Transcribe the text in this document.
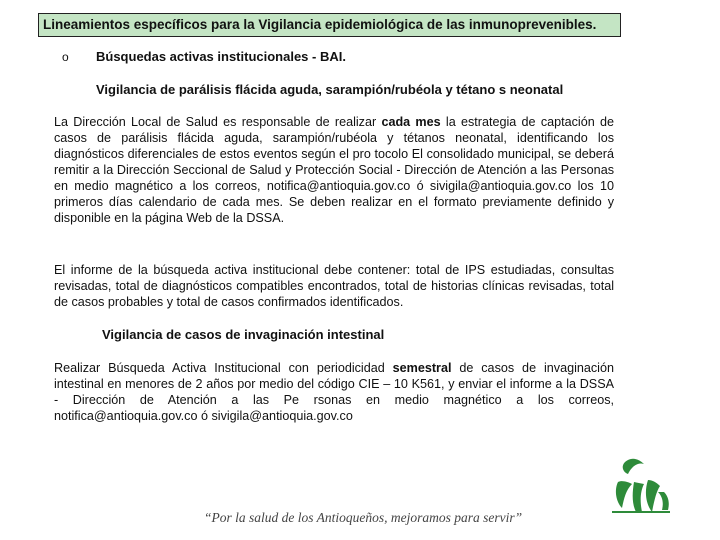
Lineamientos específicos para la Vigilancia epidemiológica de las inmunoprevenibles.
o Búsquedas activas institucionales - BAI.
Vigilancia de parálisis flácida aguda, sarampión/rubéola y tétano s neonatal
La Dirección Local de Salud es responsable de realizar cada mes la estrategia de captación de casos de parálisis flácida aguda, sarampión/rubéola y tétanos neonatal, identificando los diagnósticos diferenciales de estos eventos según el pro tocolo El consolidado municipal, se deberá remitir a la Dirección Seccional de Salud y Protección Social - Dirección de Atención a las Personas en medio magnético a los correos, notifica@antioquia.gov.co ó sivigila@antioquia.gov.co los 10 primeros días calendario de cada mes. Se deben realizar en el formato previamente definido y disponible en la página Web de la DSSA.
El informe de la búsqueda activa institucional debe contener: total de IPS estudiadas, consultas revisadas, total de diagnósticos compatibles encontrados, total de historias clínicas revisadas, total de casos probables y total de casos confirmados identificados.
Vigilancia de casos de invaginación intestinal
Realizar Búsqueda Activa Institucional con periodicidad semestral de casos de invaginación intestinal en menores de 2 años por medio del código CIE – 10 K561, y enviar el informe a la DSSA - Dirección de Atención a las Pe rsonas en medio magnético a los correos, notifica@antioquia.gov.co ó sivigila@antioquia.gov.co
“Por la salud de los Antioqueños, mejoramos para servir”
